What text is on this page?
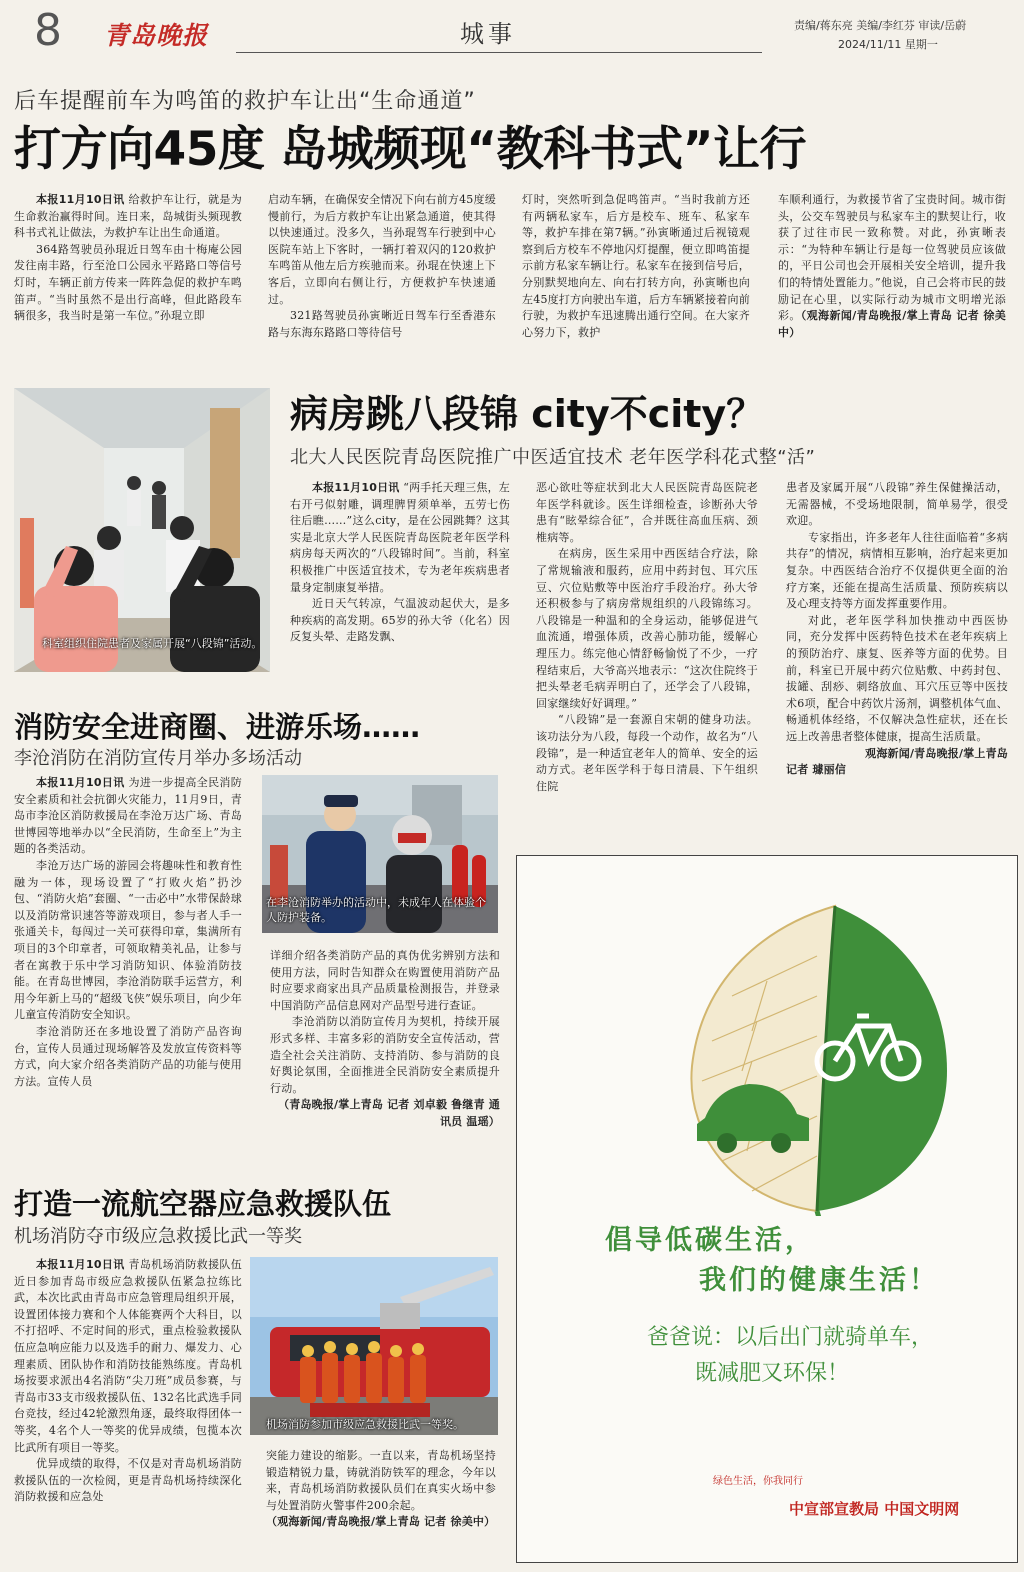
8 青岛晚报	城事	责编/蒋东亮 美编/李红芬 审读/岳蔚
2024/11/11 星期一
后车提醒前车为鸣笛的救护车让出“生命通道”
打方向45度 岛城频现“教科书式”让行

本报11月10日讯 给救护车让行，就是为生命救治赢得时间。连日来，岛城街头频现教科书式礼让做法，为救护车让出生命通道。

364路驾驶员孙琨近日驾车由十梅庵公园发往南丰路，行至沧口公园永平路路口等信号灯时，车辆正前方传来一阵阵急促的救护车鸣笛声。“当时虽然不是出行高峰，但此路段车辆很多，我当时是第一车位。”孙琨立即

启动车辆，在确保安全情况下向右前方45度缓慢前行，为后方救护车让出紧急通道，使其得以快速通过。没多久，当孙琨驾车行驶到中心医院车站上下客时，一辆打着双闪的120救护车鸣笛从他左后方疾驰而来。孙琨在快速上下客后，立即向右侧让行，方便救护车快速通过。

321路驾驶员孙寅晰近日驾车行至香港东路与东海东路路口等待信号

灯时，突然听到急促鸣笛声。“当时我前方还有两辆私家车，后方是校车、班车、私家车等，救护车排在第7辆。”孙寅晰通过后视镜观察到后方校车不停地闪灯提醒，便立即鸣笛提示前方私家车辆让行。私家车在接到信号后，分别默契地向左、向右打转方向，孙寅晰也向左45度打方向驶出车道，后方车辆紧接着向前行驶，为救护车迅速腾出通行空间。在大家齐心努力下，救护

车顺利通行，为救援节省了宝贵时间。城市街头，公交车驾驶员与私家车主的默契让行，收获了过往市民一致称赞。对此，孙寅晰表示：“为特种车辆让行是每一位驾驶员应该做的，平日公司也会开展相关安全培训，提升我们的特情处置能力。”他说，自己会将市民的鼓励记在心里，以实际行动为城市文明增光添彩。（观海新闻/青岛晚报/掌上青岛 记者 徐美中）

科室组织住院患者及家属开展“八段锦”活动。
病房跳八段锦 city不city？
北大人民医院青岛医院推广中医适宜技术 老年医学科花式整“活”

本报11月10日讯 “两手托天理三焦，左右开弓似射雕，调理脾胃须单举，五劳七伤往后瞧……”这么city，是在公园跳舞？这其实是北京大学人民医院青岛医院老年医学科病房每天两次的“八段锦时间”。当前，科室积极推广中医适宜技术，专为老年疾病患者量身定制康复举措。

近日天气转凉，气温波动起伏大，是多种疾病的高发期。65岁的孙大爷（化名）因反复头晕、走路发飘、

恶心欲吐等症状到北大人民医院青岛医院老年医学科就诊。医生详细检查，诊断孙大爷患有“眩晕综合征”，合并既往高血压病、颈椎病等。

在病房，医生采用中西医结合疗法，除了常规输液和服药，应用中药封包、耳穴压豆、穴位贴敷等中医治疗手段治疗。孙大爷还积极参与了病房常规组织的八段锦练习。八段锦是一种温和的全身运动，能够促进气血流通，增强体质，改善心肺功能，缓解心理压力。练完他心情舒畅愉悦了不少，一疗程结束后，大爷高兴地表示：“这次住院终于把头晕老毛病弄明白了，还学会了八段锦，回家继续好好调理。”

“八段锦”是一套源自宋朝的健身功法。该功法分为八段，每段一个动作，故名为“八段锦”，是一种适宜老年人的简单、安全的运动方式。老年医学科于每日清晨、下午组织住院

患者及家属开展“八段锦”养生保健操活动，无需器械，不受场地限制，简单易学，很受欢迎。

专家指出，许多老年人往往面临着“多病共存”的情况，病情相互影响，治疗起来更加复杂。中西医结合治疗不仅提供更全面的治疗方案，还能在提高生活质量、预防疾病以及心理支持等方面发挥重要作用。

对此，老年医学科加快推动中西医协同，充分发挥中医药特色技术在老年疾病上的预防治疗、康复、医养等方面的优势。目前，科室已开展中药穴位贴敷、中药封包、拔罐、刮痧、刺络放血、耳穴压豆等中医技术6项，配合中药饮片汤剂，调整机体气血、畅通机体经络，不仅解决急性症状，还在长远上改善患者整体健康，提高生活质量。

观海新闻/青岛晚报/掌上青岛

记者 璩丽信

消防安全进商圈、进游乐场……
李沧消防在消防宣传月举办多场活动

本报11月10日讯 为进一步提高全民消防安全素质和社会抗御火灾能力，11月9日，青岛市李沧区消防救援局在李沧万达广场、青岛世博园等地举办以“全民消防，生命至上”为主题的各类活动。

李沧万达广场的游园会将趣味性和教育性融为一体，现场设置了“打败火焰”扔沙包、“消防火焰”套圈、“一击必中”水带保龄球以及消防常识速答等游戏项目，参与者人手一张通关卡，每闯过一关可获得印章，集满所有项目的3个印章者，可领取精美礼品，让参与者在寓教于乐中学习消防知识、体验消防技能。在青岛世博园，李沧消防联手运营方，利用今年新上马的“超级飞侠”娱乐项目，向少年儿童宣传消防安全知识。

李沧消防还在多地设置了消防产品咨询台，宣传人员通过现场解答及发放宣传资料等方式，向大家介绍各类消防产品的功能与使用方法。宣传人员

在李沧消防举办的活动中，未成年人在体验个人防护装备。

详细介绍各类消防产品的真伪优劣辨别方法和使用方法，同时告知群众在购置使用消防产品时应要求商家出具产品质量检测报告，并登录中国消防产品信息网对产品型号进行查证。

李沧消防以消防宣传月为契机，持续开展形式多样、丰富多彩的消防安全宣传活动，营造全社会关注消防、支持消防、参与消防的良好舆论氛围，全面推进全民消防安全素质提升行动。

（青岛晚报/掌上青岛 记者 刘卓毅 鲁继青 通讯员 温瑶）

打造一流航空器应急救援队伍
机场消防夺市级应急救援比武一等奖

本报11月10日讯 青岛机场消防救援队伍近日参加青岛市级应急救援队伍紧急拉练比武，本次比武由青岛市应急管理局组织开展，设置团体接力赛和个人体能赛两个大科目，以不打招呼、不定时间的形式，重点检验救援队伍应急响应能力以及选手的耐力、爆发力、心理素质、团队协作和消防技能熟练度。青岛机场按要求派出4名消防“尖刀班”成员参赛，与青岛市33支市级救援队伍、132名比武选手同台竞技，经过42轮激烈角逐，最终取得团体一等奖，4名个人一等奖的优异成绩，包揽本次比武所有项目一等奖。

优异成绩的取得，不仅是对青岛机场消防救援队伍的一次检阅，更是青岛机场持续深化消防救援和应急处

机场消防参加市级应急救援比武一等奖。

突能力建设的缩影。一直以来，青岛机场坚持锻造精锐力量，铸就消防铁军的理念，今年以来，青岛机场消防救援队员们在真实火场中参与处置消防火警事件200余起。

（观海新闻/青岛晚报/掌上青岛 记者 徐美中）

倡导低碳生活，
我们的健康生活！
爸爸说：以后出门就骑单车，
既减肥又环保！
绿色生活，你我同行
中宣部宣教局 中国文明网
